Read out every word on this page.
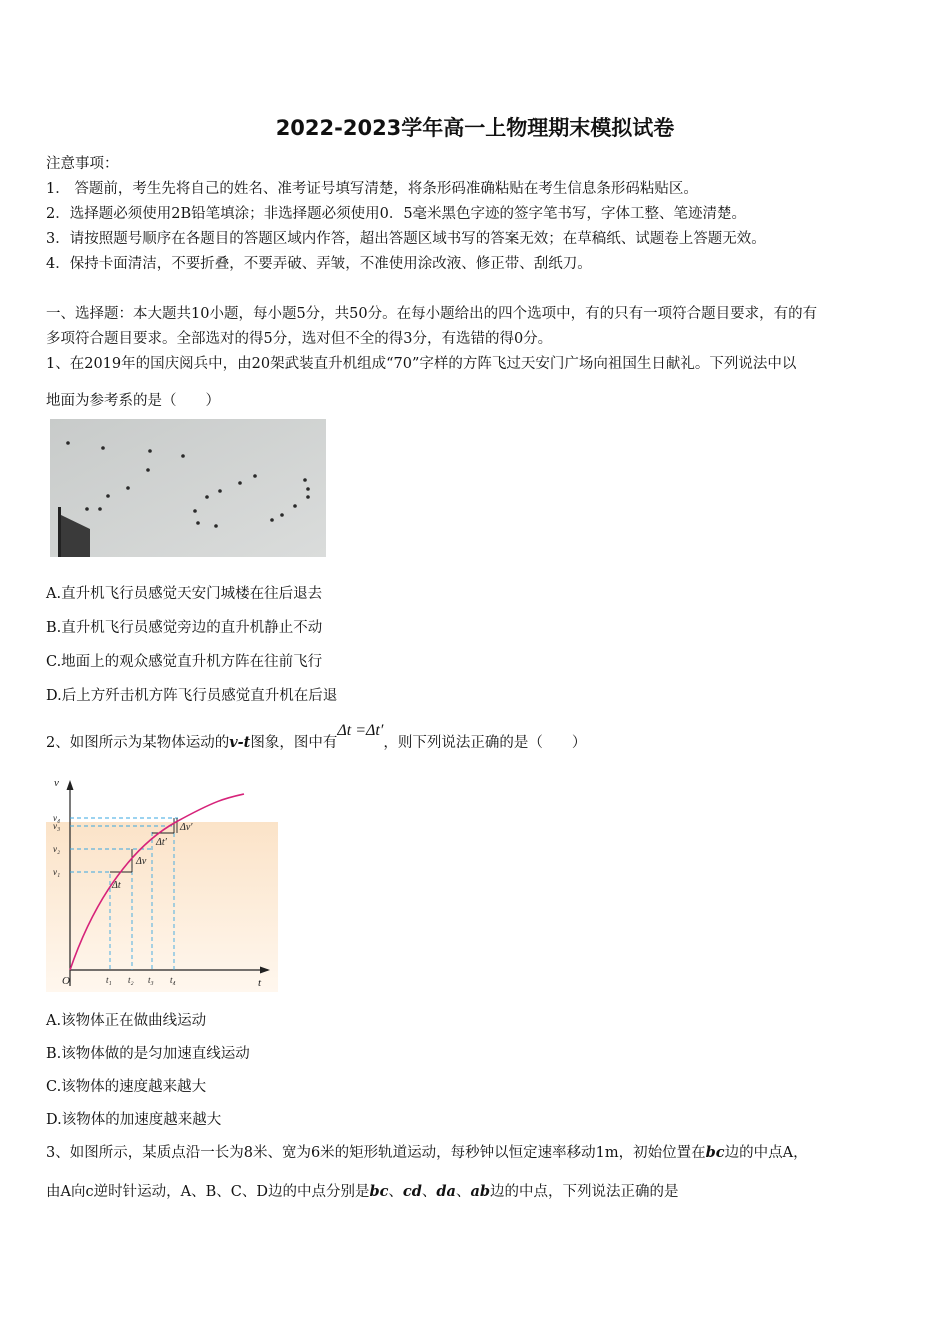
2022-2023学年高一上物理期末模拟试卷
注意事项：
1． 答题前，考生先将自己的姓名、准考证号填写清楚，将条形码准确粘贴在考生信息条形码粘贴区。
2．选择题必须使用2B铅笔填涂；非选择题必须使用0．5毫米黑色字迹的签字笔书写，字体工整、笔迹清楚。
3．请按照题号顺序在各题目的答题区域内作答，超出答题区域书写的答案无效；在草稿纸、试题卷上答题无效。
4．保持卡面清洁，不要折叠，不要弄破、弄皱，不准使用涂改液、修正带、刮纸刀。
一、选择题：本大题共10小题，每小题5分，共50分。在每小题给出的四个选项中，有的只有一项符合题目要求，有的有
多项符合题目要求。全部选对的得5分，选对但不全的得3分，有选错的得0分。
1、在2019年的国庆阅兵中，由20架武装直升机组成“70”字样的方阵飞过天安门广场向祖国生日献礼。下列说法中以
地面为参考系的是（　　）
A.直升机飞行员感觉天安门城楼在往后退去
B.直升机飞行员感觉旁边的直升机静止不动
C.地面上的观众感觉直升机方阵在往前飞行
D.后上方歼击机方阵飞行员感觉直升机在后退
2、如图所示为某物体运动的v-t图象，图中有Δt =Δt′，则下列说法正确的是（　　）
v
t
O
v₄
v₃
v₂
v₁
t₁ t₂ t₃ t₄
Δv′
Δt′
Δv
Δt
A.该物体正在做曲线运动
B.该物体做的是匀加速直线运动
C.该物体的速度越来越大
D.该物体的加速度越来越大
3、如图所示，某质点沿一长为8米、宽为6米的矩形轨道运动，每秒钟以恒定速率移动1m，初始位置在bc边的中点A，
由A向c逆时针运动，A、B、C、D边的中点分别是bc、cd、da、ab边的中点，下列说法正确的是
